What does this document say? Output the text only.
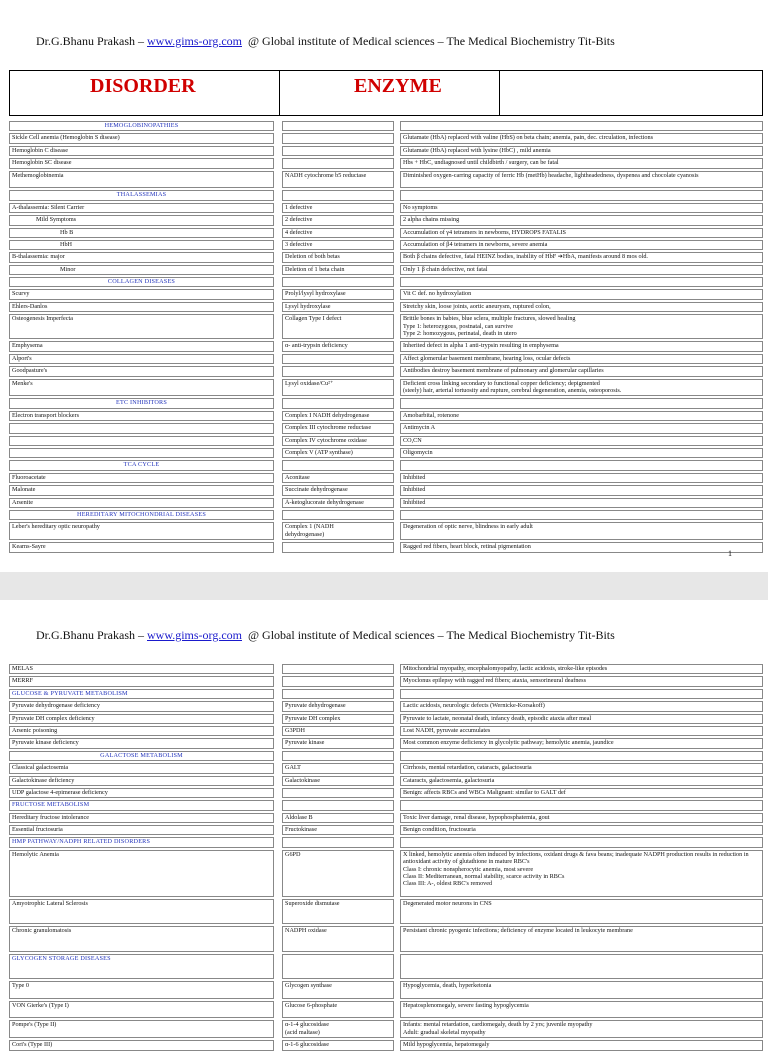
Dr.G.Bhanu Prakash – www.gims-org.com @ Global institute of Medical sciences – The Medical Biochemistry Tit-Bits
DISORDER	ENZYME
HEMOGLOBINOPATHIES				
Sickle Cell anemia (Hemoglobin S disease)				Glutamate (HbA) replaced with valine (HbS) on beta chain; anemia, pain, dec. circulation, infections
Hemoglobin C disease				Glutamate (HbA) replaced with lysine (HbC) , mild anemia
Hemoglobin SC disease				Hbs + HbC, undiagnosed until childbirth / surgery, can be fatal
Methemoglobinemia		NADH cytochrome b5 reductase		Diminished oxygen-carring capacity of ferric Hb (metHb) headache, lightheadedness, dyspenea and chocolate cyanosis
THALASSEMIAS				
A-thalassemia: Silent Carrier		1 defective		No symptoms
Mild Symptoms		2 defective		2 alpha chains missing
Hb B		4 defective		Accumulation of γ4 tetramers in newborns, HYDROPS FATALIS
HbH		3 defective		Accumulation of β4 tetramers in newborns, severe anemia
B-thalassemia: major		Deletion of both betas		Both β chains defective, fatal HEINZ bodies, inability of HbF ➔HbA, manifests around 8 mos old.
Minor		Deletion of 1 beta chain		Only 1 β chain defective, not fatal
COLLAGEN DISEASES				
Scurvy		Prolyl/lysyl hydroxylase		Vit C def. no hydroxylation
Ehlers-Danlos		Lysyl hydroxylase		Stretchy skin, loose joints, aortic aneurysm, ruptured colon,
Osteogenesis Imperfecta		Collagen Type I defect		Brittle bones in babies, blue sclera, multiple fractures, slowed healing
Type 1: heterozygous, postnatal, can survive
Type 2: homozygous, perinatal, death in utero
Emphysema		α- anti-trypsin deficiency		Inherited defect in alpha 1 anti-trypsin resulting in emphysema
Alport's				Affect glomerular basement membrane, hearing loss, ocular defects
Goodpasture's				Antibodies destroy basement membrane of pulmonary and glomerular capillaries
Menke's		Lysyl oxidase/Cu²⁺		Deficient cross linking secondary to functional copper deficiency; depigmented
(steely) hair, arterial tortuosity and rupture, cerebral degeneration, anemia, osteoporosis.
ETC INHIBITORS				
Electron transport blockers		Complex I NADH dehydrogenase		Amobarbital, rotenone
		Complex III cytochrome reductase		Antimycin A
		Complex IV cytochrome oxidase		CO,CN
		Complex V (ATP synthase)		Oligomycin
TCA CYCLE				
Fluoroacetate		Aconitase		Inhibited
Malonate		Succinate dehydrogenase		Inhibited
Arsenite		Á-ketoglucorate dehydrogenase		Inhibited
HEREDITARY MITOCHONDRIAL DISEASES				
Leber's hereditary optic neuropathy		Complex 1 (NADH
dehydrogenase)		Degeneration of optic nerve, blindness in early adult
Kearns-Sayre				Ragged red fibers, heart block, retinal pigmentation
1
Dr.G.Bhanu Prakash – www.gims-org.com @ Global institute of Medical sciences – The Medical Biochemistry Tit-Bits
MELAS				Mitochondrial myopathy, encephalomyopathy, lactic acidosis, stroke-like episodes
MERRF				Myoclonus epilepsy with ragged red fibers; ataxia, sensorineural deafness
GLUCOSE & PYRUVATE METABOLISM				
Pyruvate dehydrogenase deficiency		Pyruvate dehydrogenase		Lactic acidosis, neurologic defects (Wernicke-Korsakoff)
Pyruvate DH complex deficiency		Pyruvate DH complex		Pyruvate to lactate, neonatal death, infancy death, episodic ataxia after meal
Arsenic poisoning		G3PDH		Lost NADH, pyruvate accumulates
Pyruvate kinase deficiency		Pyruvate kinase		Most common enzyme deficiency in glycolytic pathway; hemolytic anemia, jaundice
GALACTOSE METABOLISM				
Classical galactosemia		GALT		Cirrhosis, mental retardation, cataracts, galactosuria
Galactokinase deficiency		Galactokinase		Cataracts, galactosemia, galactosuria
UDP galactose 4-epimerase deficiency				Benign: affects RBCs and WBCs Malignant: similar to GALT def
FRUCTOSE METABOLISM				
Hereditary fructose intolerance		Aldolase B		Toxic liver damage, renal disease, hypophosphatemia, gout
Essential fructosuria		Fructokinase		Benign condition, fructosuria
HMP PATHWAY/NADPH RELATED DISORDERS				
Hemolytic Anemia		G6PD		X linked, hemolytic anemia often induced by infections, oxidant drugs & fava beans; inadequate NADPH production results in reduction in antioxidant activity of glutathione in mature RBC's
Class I: chronic nonspherocytic anemia, most severe
Class II: Mediterranean, normal stability, scarce activity in RBCs
Class III: A-, oldest RBC's removed
Amyotrophic Lateral Sclerosis		Superoxide dismutase		Degenerated motor neurons in CNS
Chronic granulomatosis		NADPH oxidase		Persistant chronic pyogenic infections; deficiency of enzyme located in leukocyte membrane
GLYCOGEN STORAGE DISEASES				
Type 0		Glycogen synthase		Hypoglycemia, death, hyperketonia
VON Gierke's (Type I)		Glucose 6-phosphate		Hepatosplenomegaly, severe fasting hypoglycemia
Pompe's (Type II)		α-1-4 glucosidase
(acid maltase)		Infants: mental retardation, cardiomegaly, death by 2 yrs; juvenile myopathy
Adult: gradual skeletal myopathy
Cori's (Type III)		α-1-6 glucosidase		Mild hypoglycemia, hepatomegaly
